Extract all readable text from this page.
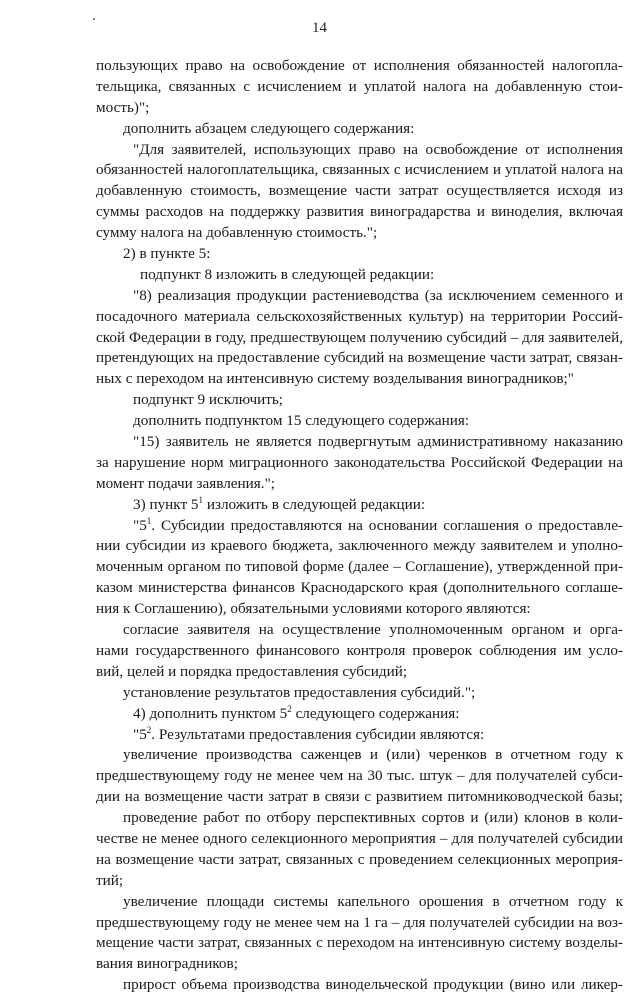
14
пользующих право на освобождение от исполнения обязанностей налогопла-
тельщика, связанных с исчислением и уплатой налога на добавленную стои-
мость)";
дополнить абзацем следующего содержания:
"Для заявителей, использующих право на освобождение от исполнения
обязанностей налогоплательщика, связанных с исчислением и уплатой налога на
добавленную стоимость, возмещение части затрат осуществляется исходя из
суммы расходов на поддержку развития виноградарства и виноделия, включая
сумму налога на добавленную стоимость.";
2) в пункте 5:
подпункт 8 изложить в следующей редакции:
"8) реализация продукции растениеводства (за исключением семенного и
посадочного материала сельскохозяйственных культур) на территории Россий-
ской Федерации в году, предшествующем получению субсидий – для заявителей,
претендующих на предоставление субсидий на возмещение части затрат, связан-
ных с переходом на интенсивную систему возделывания виноградников;"
подпункт 9 исключить;
дополнить подпунктом 15 следующего содержания:
"15) заявитель не является подвергнутым административному наказанию
за нарушение норм миграционного законодательства Российской Федерации на
момент подачи заявления.";
3) пункт $5^1$ изложить в следующей редакции:
"$5^1$. Субсидии предоставляются на основании соглашения о предоставле-
нии субсидии из краевого бюджета, заключенного между заявителем и уполно-
моченным органом по типовой форме (далее – Соглашение), утвержденной при-
казом министерства финансов Краснодарского края (дополнительного соглаше-
ния к Соглашению), обязательными условиями которого являются:
согласие заявителя на осуществление уполномоченным органом и орга-
нами государственного финансового контроля проверок соблюдения им усло-
вий, целей и порядка предоставления субсидий;
установление результатов предоставления субсидий.";
4) дополнить пунктом $5^2$ следующего содержания:
"$5^2$. Результатами предоставления субсидии являются:
увеличение производства саженцев и (или) черенков в отчетном году к
предшествующему году не менее чем на 30 тыс. штук – для получателей субси-
дии на возмещение части затрат в связи с развитием питомниководческой базы;
проведение работ по отбору перспективных сортов и (или) клонов в коли-
честве не менее одного селекционного мероприятия – для получателей субсидии
на возмещение части затрат, связанных с проведением селекционных мероприя-
тий;
увеличение площади системы капельного орошения в отчетном году к
предшествующему году не менее чем на 1 га – для получателей субсидии на воз-
мещение части затрат, связанных с переходом на интенсивную систему возделы-
вания виноградников;
прирост объема производства винодельческой продукции (вино или ликер-
